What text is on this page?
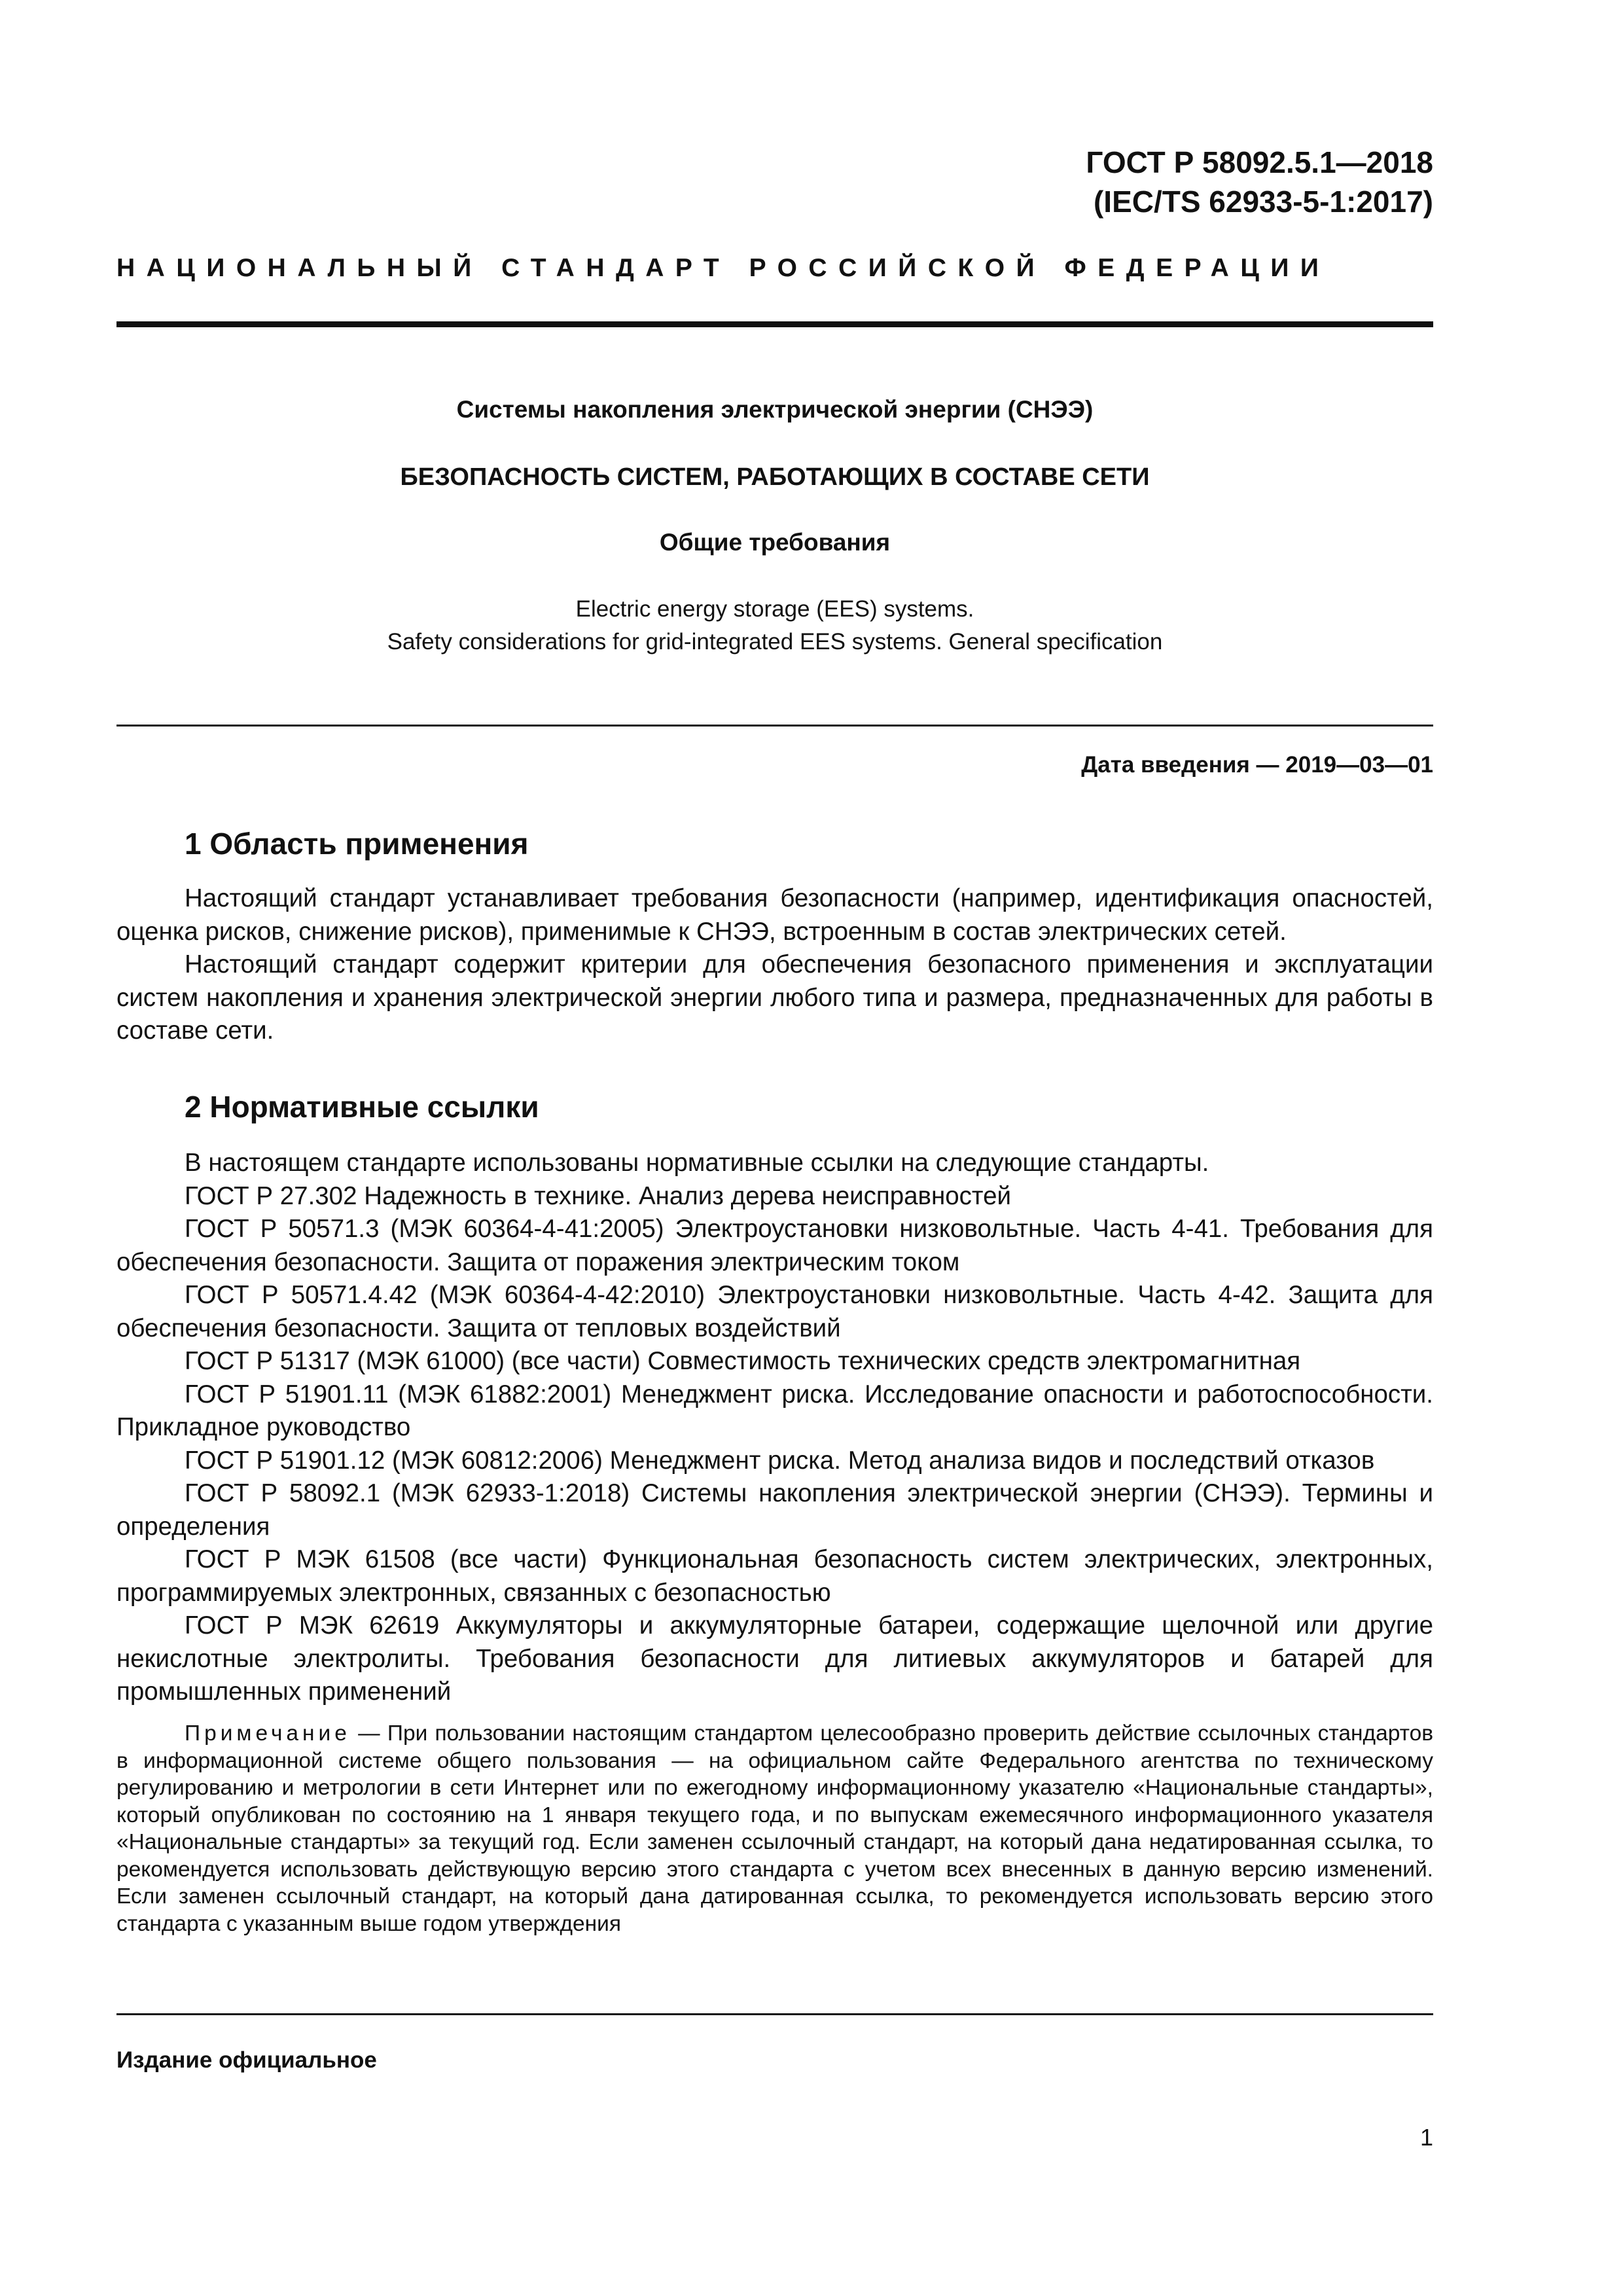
ГОСТ Р 58092.5.1—2018
(IEC/TS 62933-5-1:2017)
НАЦИОНАЛЬНЫЙ СТАНДАРТ РОССИЙСКОЙ ФЕДЕРАЦИИ
Системы накопления электрической энергии (СНЭЭ)
БЕЗОПАСНОСТЬ СИСТЕМ, РАБОТАЮЩИХ В СОСТАВЕ СЕТИ
Общие требования
Electric energy storage (EES) systems.
Safety considerations for grid-integrated EES systems. General specification
Дата введения — 2019—03—01
1 Область применения

Настоящий стандарт устанавливает требования безопасности (например, идентификация опасностей, оценка рисков, снижение рисков), применимые к СНЭЭ, встроенным в состав электрических сетей.

Настоящий стандарт содержит критерии для обеспечения безопасного применения и эксплуатации систем накопления и хранения электрической энергии любого типа и размера, предназначенных для работы в составе сети.

2 Нормативные ссылки

В настоящем стандарте использованы нормативные ссылки на следующие стандарты.

ГОСТ Р 27.302 Надежность в технике. Анализ дерева неисправностей

ГОСТ Р 50571.3 (МЭК 60364-4-41:2005) Электроустановки низковольтные. Часть 4-41. Требования для обеспечения безопасности. Защита от поражения электрическим током

ГОСТ Р 50571.4.42 (МЭК 60364-4-42:2010) Электроустановки низковольтные. Часть 4-42. Защита для обеспечения безопасности. Защита от тепловых воздействий

ГОСТ Р 51317 (МЭК 61000) (все части) Совместимость технических средств электромагнитная

ГОСТ Р 51901.11 (МЭК 61882:2001) Менеджмент риска. Исследование опасности и работоспособности. Прикладное руководство

ГОСТ Р 51901.12 (МЭК 60812:2006) Менеджмент риска. Метод анализа видов и последствий отказов

ГОСТ Р 58092.1 (МЭК 62933-1:2018) Системы накопления электрической энергии (СНЭЭ). Термины и определения

ГОСТ Р МЭК 61508 (все части) Функциональная безопасность систем электрических, электронных, программируемых электронных, связанных с безопасностью

ГОСТ Р МЭК 62619 Аккумуляторы и аккумуляторные батареи, содержащие щелочной или другие некислотные электролиты. Требования безопасности для литиевых аккумуляторов и батарей для промышленных применений

Примечание — При пользовании настоящим стандартом целесообразно проверить действие ссылочных стандартов в информационной системе общего пользования — на официальном сайте Федерального агентства по техническому регулированию и метрологии в сети Интернет или по ежегодному информационному указателю «Национальные стандарты», который опубликован по состоянию на 1 января текущего года, и по выпускам ежемесячного информационного указателя «Национальные стандарты» за текущий год. Если заменен ссылочный стандарт, на который дана недатированная ссылка, то рекомендуется использовать действующую версию этого стандарта с учетом всех внесенных в данную версию изменений. Если заменен ссылочный стандарт, на который дана датированная ссылка, то рекомендуется использовать версию этого стандарта с указанным выше годом утверждения
Издание официальное
1
